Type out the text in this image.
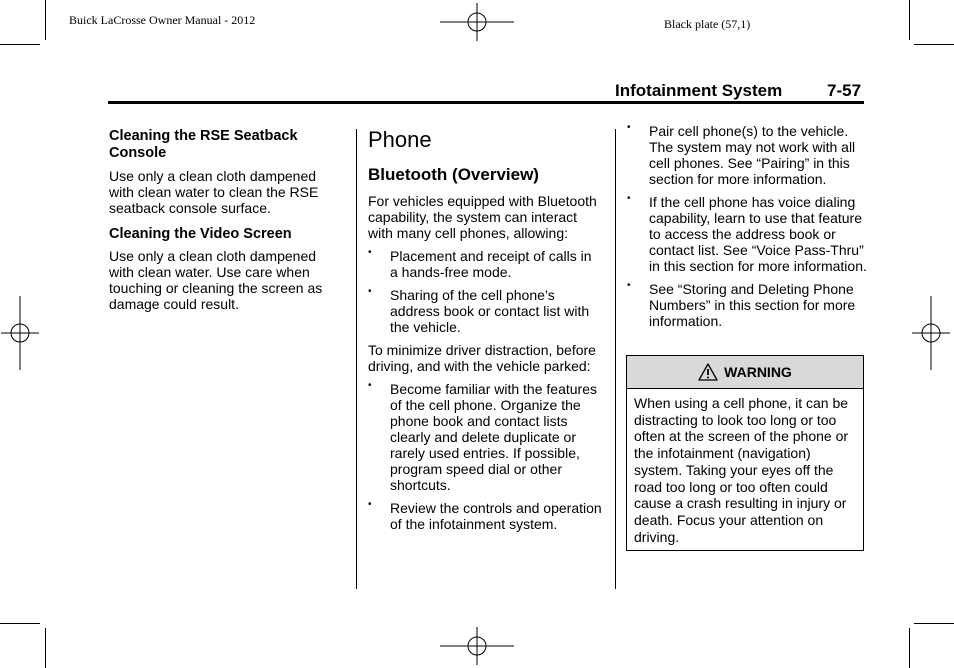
Buick LaCrosse Owner Manual - 2012	Black plate (57,1)
Infotainment System	7-57

Cleaning the RSE Seatback Console

Use only a clean cloth dampened with clean water to clean the RSE seatback console surface.

Cleaning the Video Screen

Use only a clean cloth dampened with clean water. Use care when touching or cleaning the screen as damage could result.

Phone

Bluetooth (Overview)

For vehicles equipped with Bluetooth capability, the system can interact with many cell phones, allowing:

• Placement and receipt of calls in a hands-free mode.
• Sharing of the cell phone’s address book or contact list with the vehicle.

To minimize driver distraction, before driving, and with the vehicle parked:

• Become familiar with the features of the cell phone. Organize the phone book and contact lists clearly and delete duplicate or rarely used entries. If possible, program speed dial or other shortcuts.
• Review the controls and operation of the infotainment system.
• Pair cell phone(s) to the vehicle. The system may not work with all cell phones. See “Pairing” in this section for more information.
• If the cell phone has voice dialing capability, learn to use that feature to access the address book or contact list. See “Voice Pass-Thru” in this section for more information.
• See “Storing and Deleting Phone Numbers” in this section for more information.
WARNING
When using a cell phone, it can be distracting to look too long or too often at the screen of the phone or the infotainment (navigation) system. Taking your eyes off the road too long or too often could cause a crash resulting in injury or death. Focus your attention on driving.
